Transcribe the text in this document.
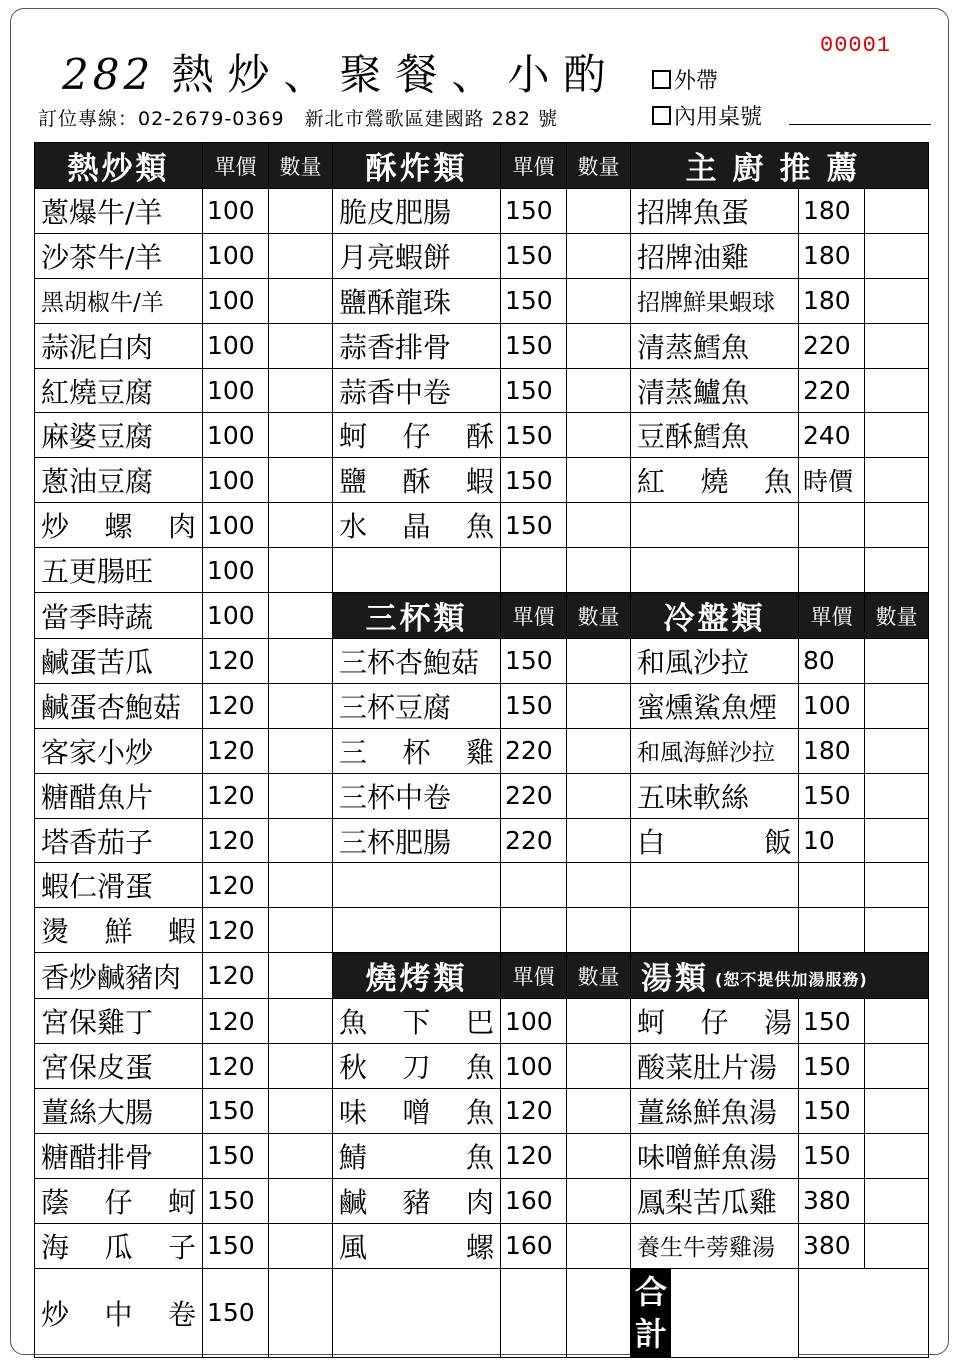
282 熱炒、聚餐、小酌
00001
外帶
內用桌號
訂位專線：02-2679-0369　新北市鶯歌區建國路 282 號
熱炒類	單價	數量	酥炸類	單價	數量	主廚推薦		
蔥爆牛/羊	100		脆皮肥腸	150		招牌魚蛋	180	
沙茶牛/羊	100		月亮蝦餅	150		招牌油雞	180	
黑胡椒牛/羊	100		鹽酥龍珠	150		招牌鮮果蝦球	180	
蒜泥白肉	100		蒜香排骨	150		清蒸鱈魚	220	
紅燒豆腐	100		蒜香中卷	150		清蒸鱸魚	220	
麻婆豆腐	100		蚵仔酥	150		豆酥鱈魚	240	
蔥油豆腐	100		鹽酥蝦	150		紅燒魚	時價	
炒螺肉	100		水晶魚	150				
五更腸旺	100							
當季時蔬	100		三杯類	單價	數量	冷盤類	單價	數量
鹹蛋苦瓜	120		三杯杏鮑菇	150		和風沙拉	80	
鹹蛋杏鮑菇	120		三杯豆腐	150		蜜燻鯊魚煙	100	
客家小炒	120		三杯雞	220		和風海鮮沙拉	180	
糖醋魚片	120		三杯中卷	220		五味軟絲	150	
塔香茄子	120		三杯肥腸	220		白飯	10	
蝦仁滑蛋	120							
燙鮮蝦	120							
香炒鹹豬肉	120		燒烤類	單價	數量	湯類 (恕不提供加湯服務)		
宮保雞丁	120		魚下巴	100		蚵仔湯	150	
宮保皮蛋	120		秋刀魚	100		酸菜肚片湯	150	
薑絲大腸	150		味噌魚	120		薑絲鮮魚湯	150	
糖醋排骨	150		鯖魚	120		味噌鮮魚湯	150	
蔭仔蚵	150		鹹豬肉	160		鳳梨苦瓜雞	380	
海瓜子	150		風螺	160		養生牛蒡雞湯	380	
炒中卷	150					合
計		
